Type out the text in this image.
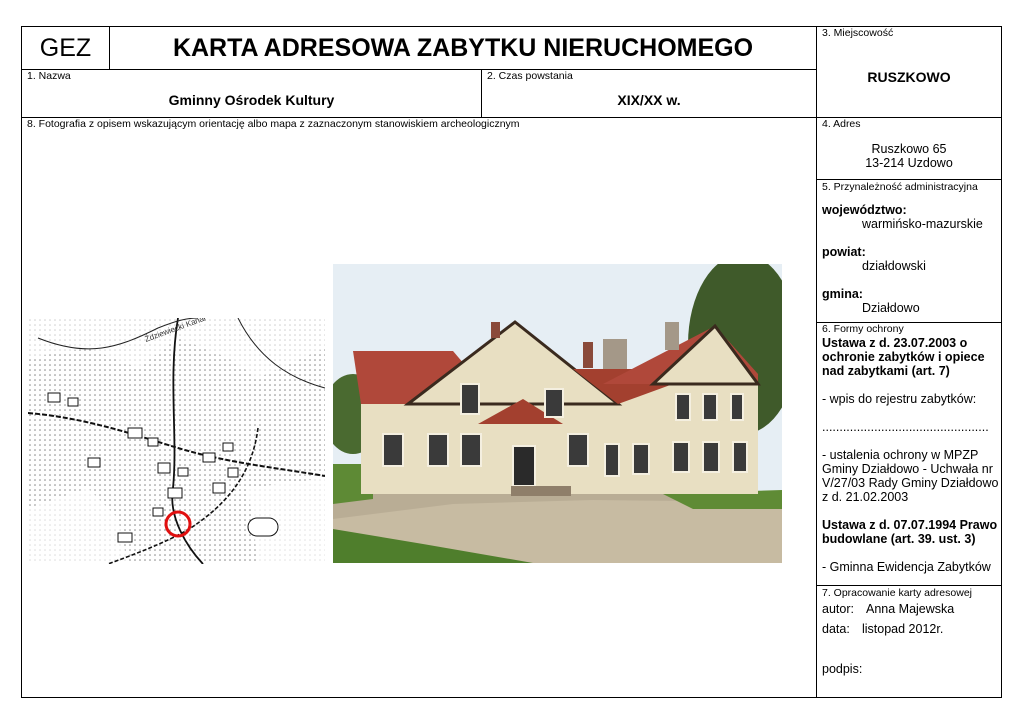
GEZ	KARTA ADRESOWA ZABYTKU NIERUCHOMEGO
1. Nazwa
Gminny Ośrodek Kultury
2. Czas powstania
XIX/XX w.
3. Miejscowość
RUSZKOWO
8. Fotografia z opisem wskazującym orientację albo mapa z zaznaczonym stanowiskiem archeologicznym	4. Adres
Ruszkowo 65
13-214 Uzdowo
5. Przynależność administracyjna
województwo:
warmińsko-mazurskie
powiat:
działdowski
gmina:
Działdowo
6. Formy ochrony
Ustawa z d. 23.07.2003 o
ochronie zabytków i opiece
nad zabytkami (art. 7)
- wpis do rejestru zabytków:
................................................
- ustalenia ochrony w MPZP
Gminy Działdowo - Uchwała nr
V/27/03 Rady Gminy Działdowo
z d. 21.02.2003
Ustawa z d. 07.07.1994 Prawo
budowlane (art. 39. ust. 3)
- Gminna Ewidencja Zabytków
7. Opracowanie karty adresowej
autor: Anna Majewska
data: listopad 2012r.
podpis:
Ździewiecki Kanał
